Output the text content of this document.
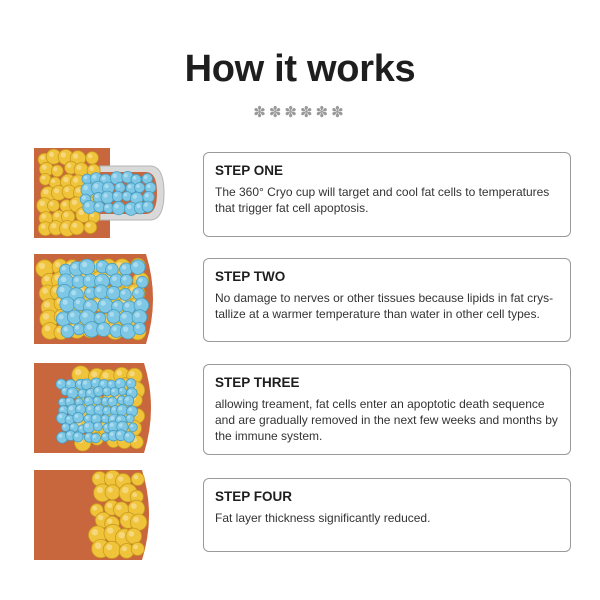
How it works
✽✽✽✽✽✽
STEP ONE
The 360° Cryo cup will target and cool fat cells to temperatures that trigger fat cell apoptosis.
STEP TWO
No damage to nerves or other tissues because lipids in fat crys- tallize at a warmer temperature than water in other cell types.
STEP THREE
allowing treament, fat cells enter an apoptotic death sequence and are gradually removed in the next few weeks and months by the immune system.
STEP FOUR
Fat layer thickness significantly reduced.
